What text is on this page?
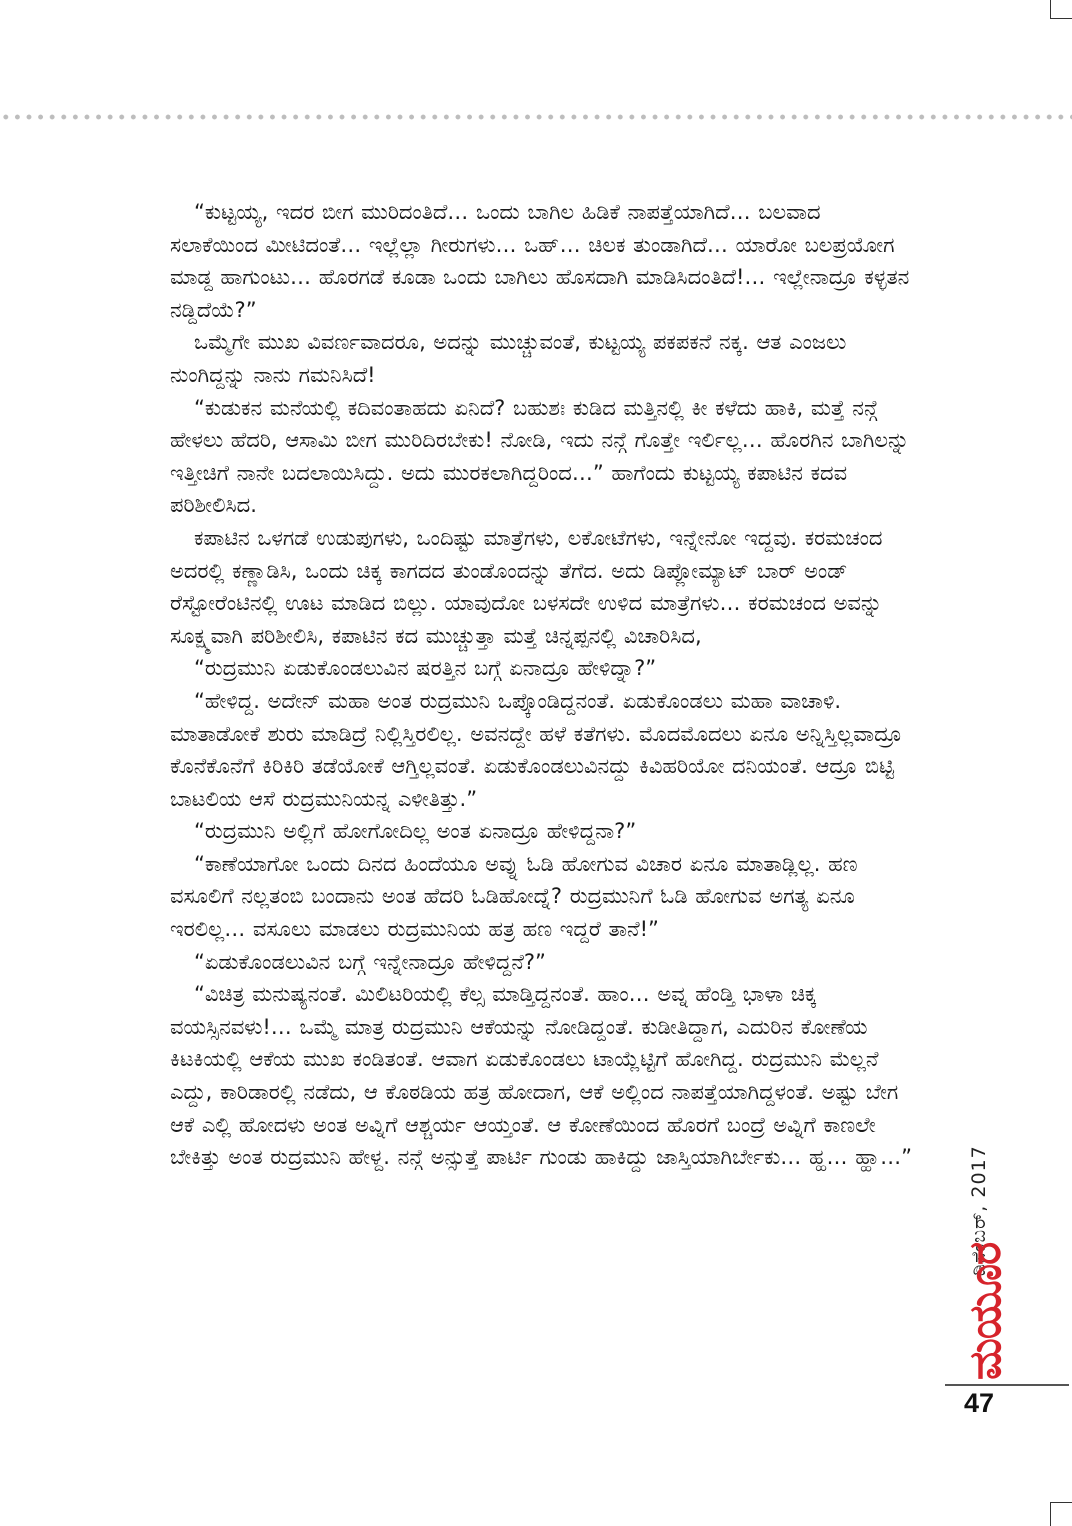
“ಕುಟ್ಟಯ್ಯ, ಇದರ ಬೀಗ ಮುರಿದಂತಿದೆ… ಒಂದು ಬಾಗಿಲ ಹಿಡಿಕೆ ನಾಪತ್ತೆಯಾಗಿದೆ… ಬಲವಾದ ಸಲಾಕೆಯಿಂದ ಮೀಟಿದಂತೆ… ಇಲ್ಲೆಲ್ಲಾ ಗೀರುಗಳು… ಒಹ್… ಚಿಲಕ ತುಂಡಾಗಿದೆ… ಯಾರೋ ಬಲಪ್ರಯೋಗ ಮಾಡ್ದ ಹಾಗುಂಟು… ಹೊರಗಡೆ ಕೂಡಾ ಒಂದು ಬಾಗಿಲು ಹೊಸದಾಗಿ ಮಾಡಿಸಿದಂತಿದೆ!… ಇಲ್ಲೇನಾದ್ರೂ ಕಳ್ಳತನ ನಡ್ದಿದೆಯೆ?”

ಒಮ್ಮೆಗೇ ಮುಖ ವಿವರ್ಣವಾದರೂ, ಅದನ್ನು ಮುಚ್ಚುವಂತೆ, ಕುಟ್ಟಯ್ಯ ಪಕಪಕನೆ ನಕ್ಕ. ಆತ ಎಂಜಲು ನುಂಗಿದ್ದನ್ನು ನಾನು ಗಮನಿಸಿದೆ!

“ಕುಡುಕನ ಮನೆಯಲ್ಲಿ ಕದಿವಂತಾಹದು ಏನಿದೆ? ಬಹುಶಃ ಕುಡಿದ ಮತ್ತಿನಲ್ಲಿ ಕೀ ಕಳೆದು ಹಾಕಿ, ಮತ್ತೆ ನನ್ಗೆ ಹೇಳಲು ಹೆದರಿ, ಆಸಾಮಿ ಬೀಗ ಮುರಿದಿರಬೇಕು! ನೋಡಿ, ಇದು ನನ್ಗೆ ಗೊತ್ತೇ ಇರ್ಲಿಲ್ಲ… ಹೊರಗಿನ ಬಾಗಿಲನ್ನು ಇತ್ತೀಚಿಗೆ ನಾನೇ ಬದಲಾಯಿಸಿದ್ದು. ಅದು ಮುರಕಲಾಗಿದ್ದರಿಂದ…” ಹಾಗೆಂದು ಕುಟ್ಟಯ್ಯ ಕಪಾಟಿನ ಕದವ ಪರಿಶೀಲಿಸಿದ.

ಕಪಾಟಿನ ಒಳಗಡೆ ಉಡುಪುಗಳು, ಒಂದಿಷ್ಟು ಮಾತ್ರೆಗಳು, ಲಕೋಟೆಗಳು, ಇನ್ನೇನೋ ಇದ್ದವು. ಕರಮಚಂದ ಅದರಲ್ಲಿ ಕಣ್ಣಾಡಿಸಿ, ಒಂದು ಚಿಕ್ಕ ಕಾಗದದ ತುಂಡೊಂದನ್ನು ತೆಗೆದ. ಅದು ಡಿಪ್ಲೋಮ್ಯಾಟ್ ಬಾರ್ ಅಂಡ್ ರೆಸ್ಟೋರೆಂಟಿನಲ್ಲಿ ಊಟ ಮಾಡಿದ ಬಿಲ್ಲು. ಯಾವುದೋ ಬಳಸದೇ ಉಳಿದ ಮಾತ್ರೆಗಳು… ಕರಮಚಂದ ಅವನ್ನು ಸೂಕ್ಷ್ಮವಾಗಿ ಪರಿಶೀಲಿಸಿ, ಕಪಾಟಿನ ಕದ ಮುಚ್ಚುತ್ತಾ ಮತ್ತೆ ಚಿನ್ನಪ್ಪನಲ್ಲಿ ವಿಚಾರಿಸಿದ,

“ರುದ್ರಮುನಿ ಏಡುಕೊಂಡಲುವಿನ ಷರತ್ತಿನ ಬಗ್ಗೆ ಏನಾದ್ರೂ ಹೇಳಿದ್ನಾ?”

“ಹೇಳಿದ್ದ. ಅದೇನ್ ಮಹಾ ಅಂತ ರುದ್ರಮುನಿ ಒಪ್ಕೊಂಡಿದ್ದನಂತೆ. ಏಡುಕೊಂಡಲು ಮಹಾ ವಾಚಾಳಿ. ಮಾತಾಡೋಕೆ ಶುರು ಮಾಡಿದ್ರೆ ನಿಲ್ಲಿಸ್ತಿರಲಿಲ್ಲ. ಅವನದ್ದೇ ಹಳೆ ಕತೆಗಳು. ಮೊದಮೊದಲು ಏನೂ ಅನ್ನಿಸ್ತಿಲ್ಲವಾದ್ರೂ ಕೊನೆಕೊನೆಗೆ ಕಿರಿಕಿರಿ ತಡೆಯೋಕೆ ಆಗ್ತಿಲ್ಲವಂತೆ. ಏಡುಕೊಂಡಲುವಿನದ್ದು ಕಿವಿಹರಿಯೋ ದನಿಯಂತೆ. ಆದ್ರೂ ಬಿಟ್ಟಿ ಬಾಟಲಿಯ ಆಸೆ ರುದ್ರಮುನಿಯನ್ನ ಎಳೀತಿತ್ತು.”

“ರುದ್ರಮುನಿ ಅಲ್ಲಿಗೆ ಹೋಗೋದಿಲ್ಲ ಅಂತ ಏನಾದ್ರೂ ಹೇಳಿದ್ದನಾ?”

“ಕಾಣೆಯಾಗೋ ಒಂದು ದಿನದ ಹಿಂದೆಯೂ ಅವ್ನು ಓಡಿ ಹೋಗುವ ವಿಚಾರ ಏನೂ ಮಾತಾಡ್ಲಿಲ್ಲ. ಹಣ ವಸೂಲಿಗೆ ನಲ್ಲತಂಬಿ ಬಂದಾನು ಅಂತ ಹೆದರಿ ಓಡಿಹೋದ್ನೆ? ರುದ್ರಮುನಿಗೆ ಓಡಿ ಹೋಗುವ ಅಗತ್ಯ ಏನೂ ಇರಲಿಲ್ಲ… ವಸೂಲು ಮಾಡಲು ರುದ್ರಮುನಿಯ ಹತ್ರ ಹಣ ಇದ್ದರೆ ತಾನೆ!”

“ಏಡುಕೊಂಡಲುವಿನ ಬಗ್ಗೆ ಇನ್ನೇನಾದ್ರೂ ಹೇಳಿದ್ದನೆ?”

“ವಿಚಿತ್ರ ಮನುಷ್ಯನಂತೆ. ಮಿಲಿಟರಿಯಲ್ಲಿ ಕೆಲ್ಸ ಮಾಡ್ತಿದ್ದನಂತೆ. ಹಾಂ… ಅವ್ನ ಹೆಂಡ್ತಿ ಭಾಳಾ ಚಿಕ್ಕ ವಯಸ್ಸಿನವಳು!… ಒಮ್ಮೆ ಮಾತ್ರ ರುದ್ರಮುನಿ ಆಕೆಯನ್ನು ನೋಡಿದ್ದಂತೆ. ಕುಡೀತಿದ್ದಾಗ, ಎದುರಿನ ಕೋಣೆಯ ಕಿಟಕಿಯಲ್ಲಿ ಆಕೆಯ ಮುಖ ಕಂಡಿತಂತೆ. ಆವಾಗ ಏಡುಕೊಂಡಲು ಟಾಯ್ಲೆಟ್ಟಿಗೆ ಹೋಗಿದ್ದ. ರುದ್ರಮುನಿ ಮೆಲ್ಲನೆ ಎದ್ದು, ಕಾರಿಡಾರಲ್ಲಿ ನಡೆದು, ಆ ಕೊಠಡಿಯ ಹತ್ರ ಹೋದಾಗ, ಆಕೆ ಅಲ್ಲಿಂದ ನಾಪತ್ತೆಯಾಗಿದ್ದಳಂತೆ. ಅಷ್ಟು ಬೇಗ ಆಕೆ ಎಲ್ಲಿ ಹೋದಳು ಅಂತ ಅವ್ನಿಗೆ ಆಶ್ಚರ್ಯ ಆಯ್ತಂತೆ. ಆ ಕೋಣೆಯಿಂದ ಹೊರಗೆ ಬಂದ್ರೆ ಅವ್ನಿಗೆ ಕಾಣಲೇ ಬೇಕಿತ್ತು ಅಂತ ರುದ್ರಮುನಿ ಹೇಳ್ದ. ನನ್ಗೆ ಅನ್ಸುತ್ತೆ ಪಾರ್ಟಿ ಗುಂಡು ಹಾಕಿದ್ದು ಜಾಸ್ತಿಯಾಗಿರ್ಬೇಕು… ಹ್ಹ… ಹ್ಹಾ…”	ಡಿಸೆಂಬರ್, 2017
ಮಯೂರ
47
